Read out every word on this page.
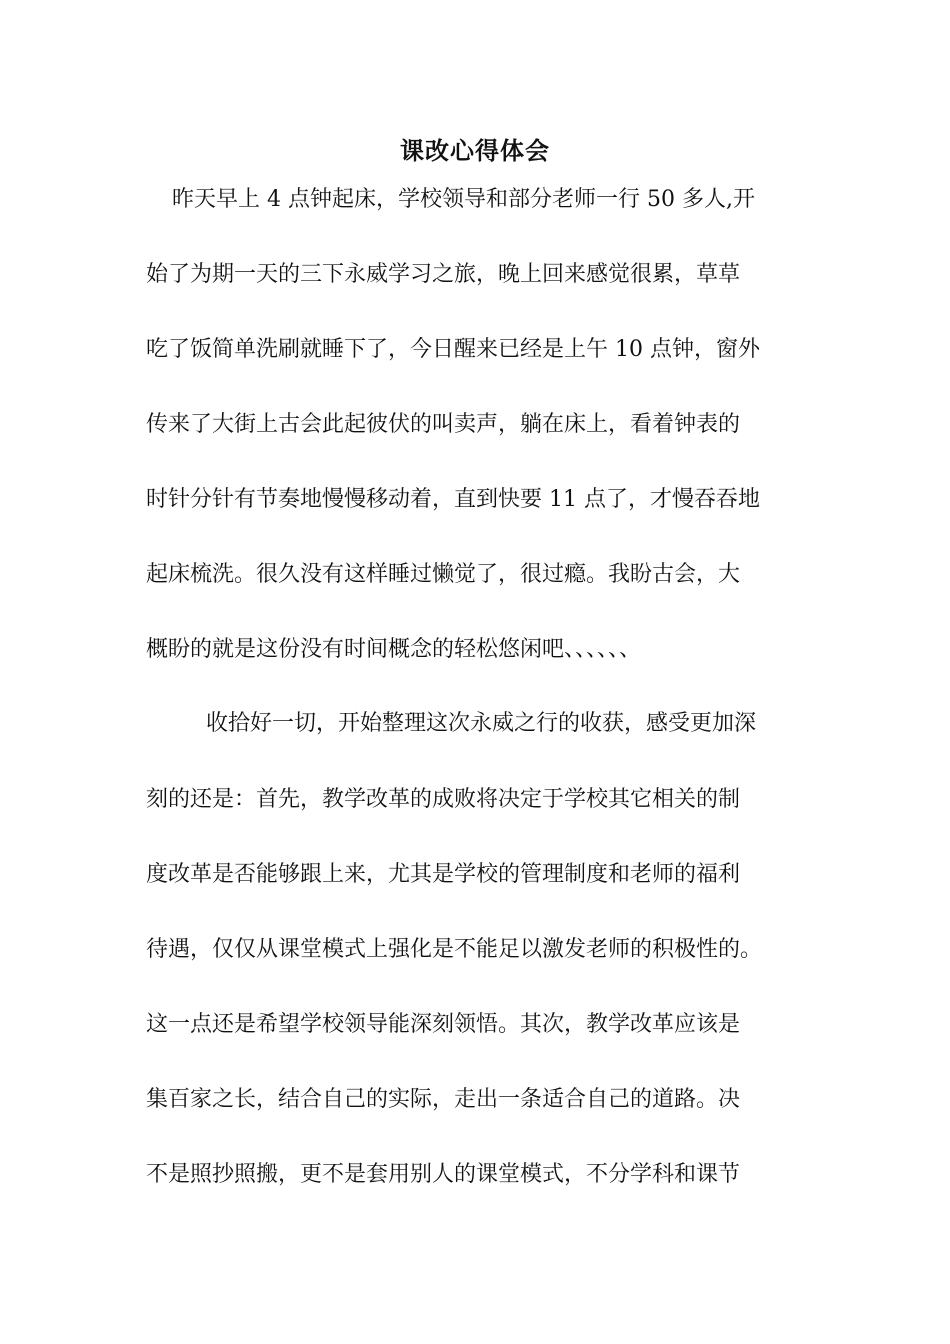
课改心得体会
昨天早上 4 点钟起床，学校领导和部分老师一行 50 多人,开
始了为期一天的三下永威学习之旅，晚上回来感觉很累，草草
吃了饭简单洗刷就睡下了，今日醒来已经是上午 10 点钟，窗外
传来了大街上古会此起彼伏的叫卖声，躺在床上，看着钟表的
时针分针有节奏地慢慢移动着，直到快要 11 点了，才慢吞吞地
起床梳洗。很久没有这样睡过懒觉了，很过瘾。我盼古会，大
概盼的就是这份没有时间概念的轻松悠闲吧、、、、、、
收拾好一切，开始整理这次永威之行的收获，感受更加深
刻的还是：首先，教学改革的成败将决定于学校其它相关的制
度改革是否能够跟上来，尤其是学校的管理制度和老师的福利
待遇，仅仅从课堂模式上强化是不能足以激发老师的积极性的。
这一点还是希望学校领导能深刻领悟。其次，教学改革应该是
集百家之长，结合自己的实际，走出一条适合自己的道路。决
不是照抄照搬，更不是套用别人的课堂模式，不分学科和课节
